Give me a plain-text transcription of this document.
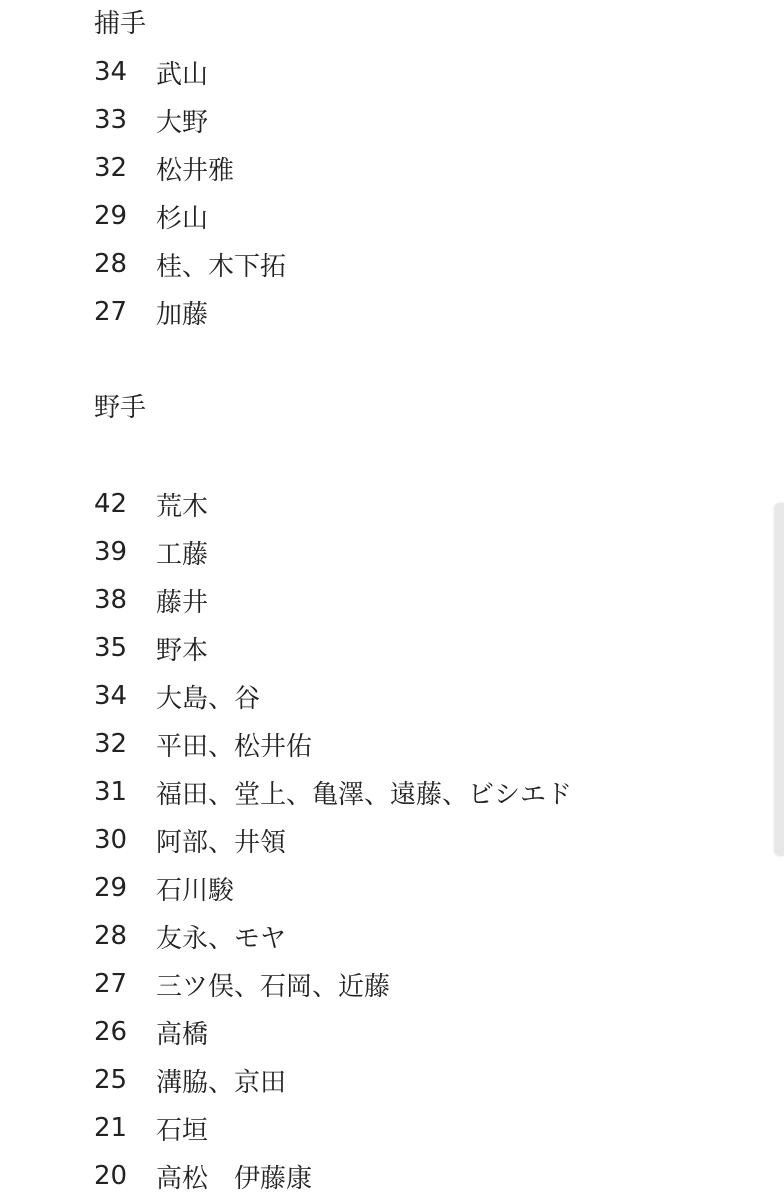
捕手
34	武山
33	大野
32	松井雅
29	杉山
28	桂、木下拓
27	加藤
野手
42	荒木
39	工藤
38	藤井
35	野本
34	大島、谷
32	平田、松井佑
31	福田、堂上、亀澤、遠藤、ビシエド
30	阿部、井領
29	石川駿
28	友永、モヤ
27	三ツ俣、石岡、近藤
26	高橋
25	溝脇、京田
21	石垣
20	高松　伊藤康
